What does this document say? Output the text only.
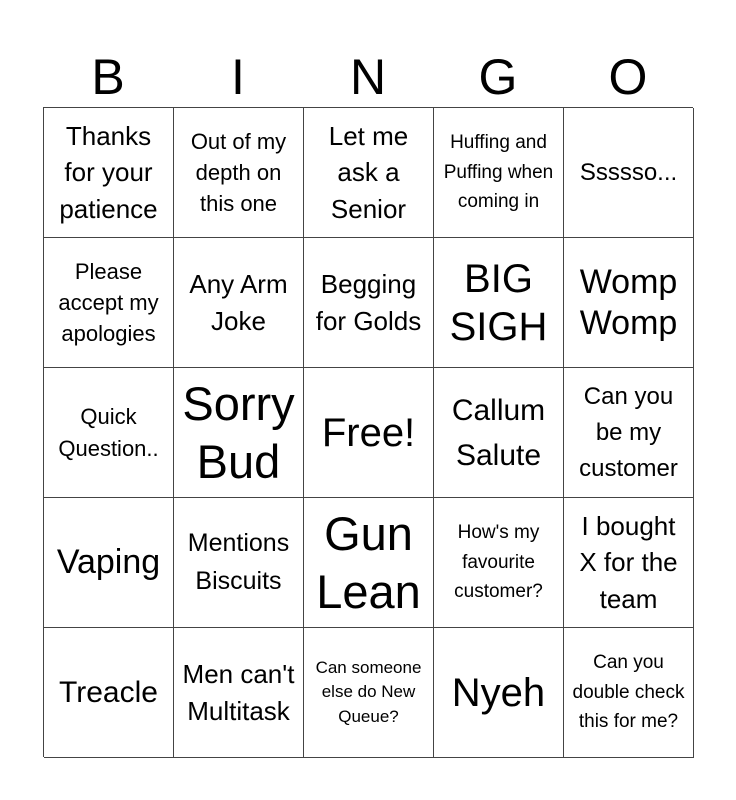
B	I	N	G	O
Thanks for your patience
Out of my depth on this one
Let me ask a Senior
Huffing and Puffing when coming in
Ssssso...
Please accept my apologies
Any Arm Joke
Begging for Golds
BIG SIGH
Womp Womp
Quick Question..
Sorry Bud
Free!
Callum Salute
Can you be my customer
Vaping
Mentions Biscuits
Gun Lean
How's my favourite customer?
I bought X for the team
Treacle
Men can't Multitask
Can someone else do New Queue?
Nyeh
Can you double check this for me?
